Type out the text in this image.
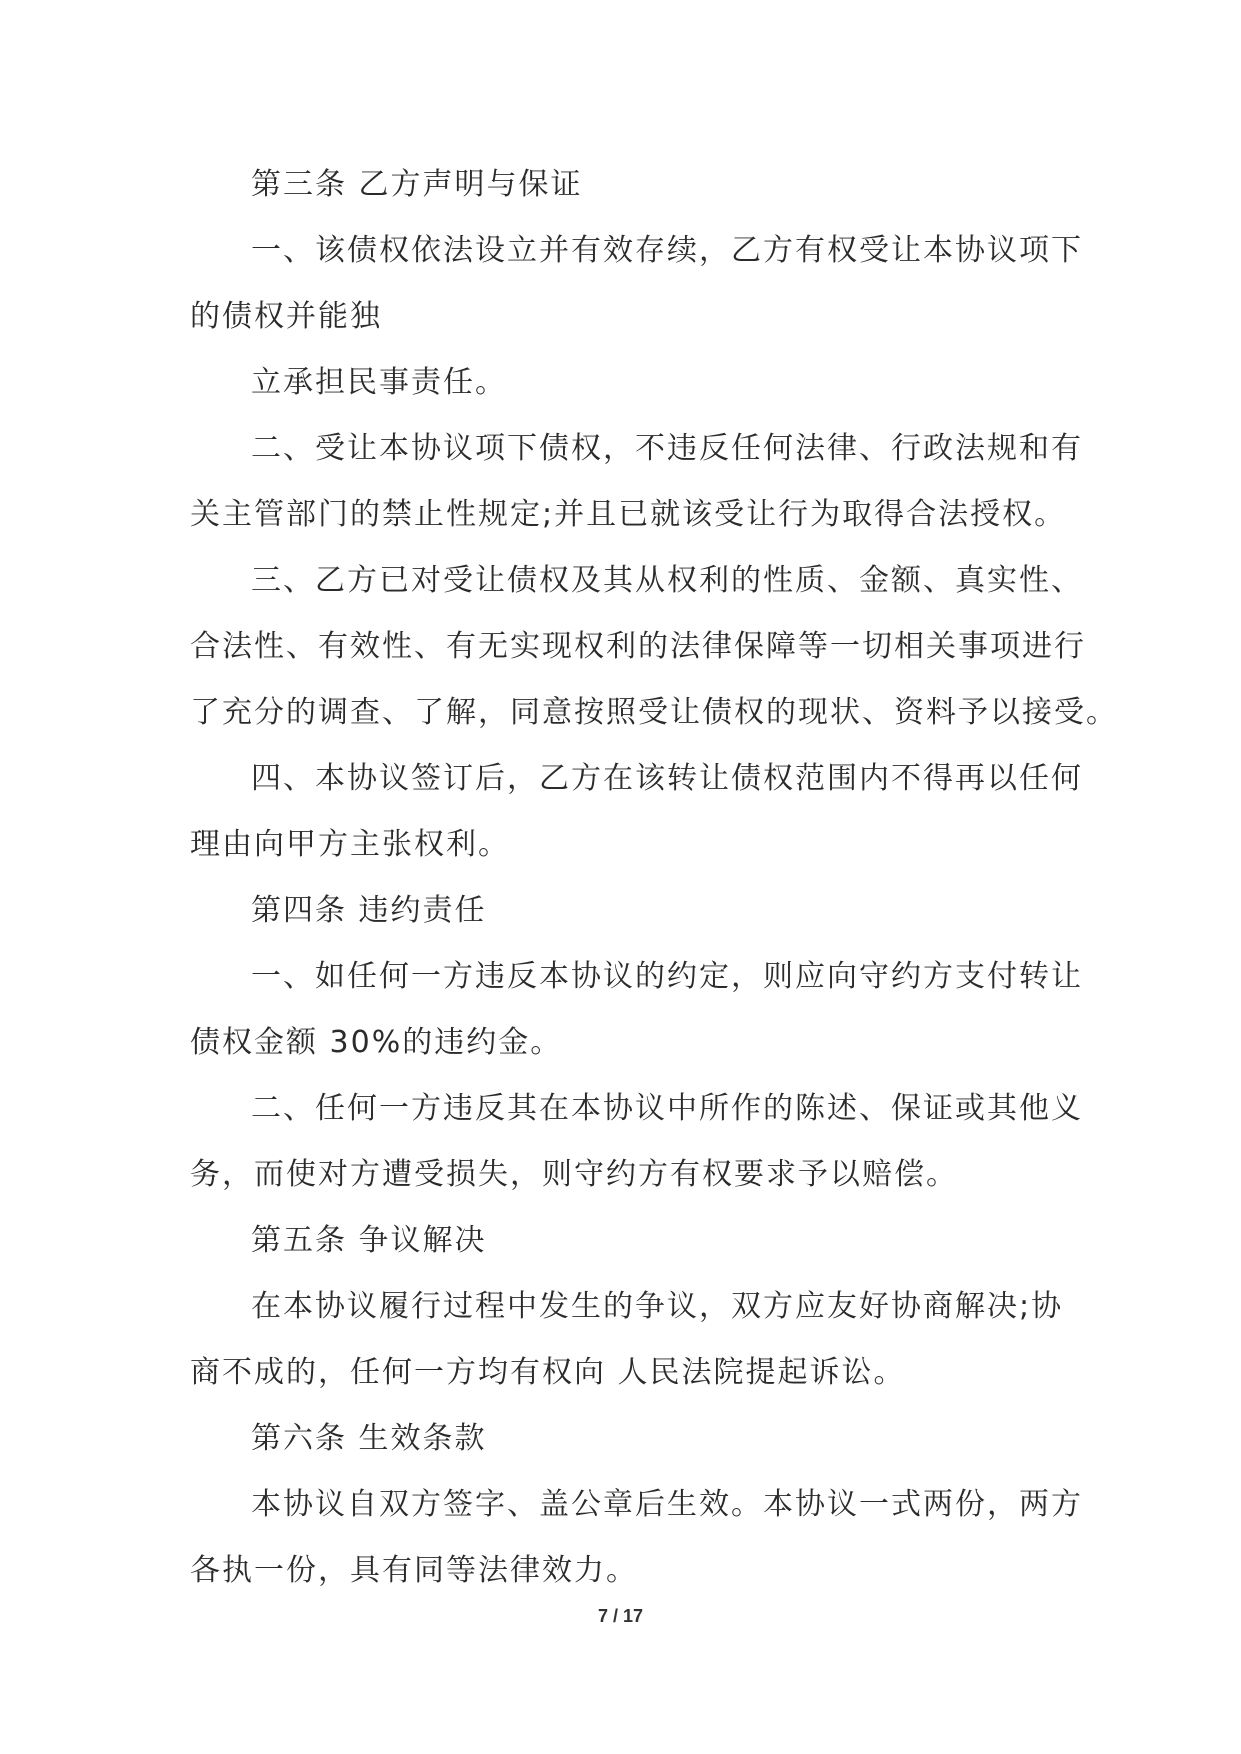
第三条 乙方声明与保证
一、该债权依法设立并有效存续，乙方有权受让本协议项下
的债权并能独
立承担民事责任。
二、受让本协议项下债权，不违反任何法律、行政法规和有
关主管部门的禁止性规定;并且已就该受让行为取得合法授权。
三、乙方已对受让债权及其从权利的性质、金额、真实性、
合法性、有效性、有无实现权利的法律保障等一切相关事项进行
了充分的调查、了解，同意按照受让债权的现状、资料予以接受。
四、本协议签订后，乙方在该转让债权范围内不得再以任何
理由向甲方主张权利。
第四条 违约责任
一、如任何一方违反本协议的约定，则应向守约方支付转让
债权金额 30%的违约金。
二、任何一方违反其在本协议中所作的陈述、保证或其他义
务，而使对方遭受损失，则守约方有权要求予以赔偿。
第五条 争议解决
在本协议履行过程中发生的争议，双方应友好协商解决;协
商不成的，任何一方均有权向 人民法院提起诉讼。
第六条 生效条款
本协议自双方签字、盖公章后生效。本协议一式两份，两方
各执一份，具有同等法律效力。
7 / 17
